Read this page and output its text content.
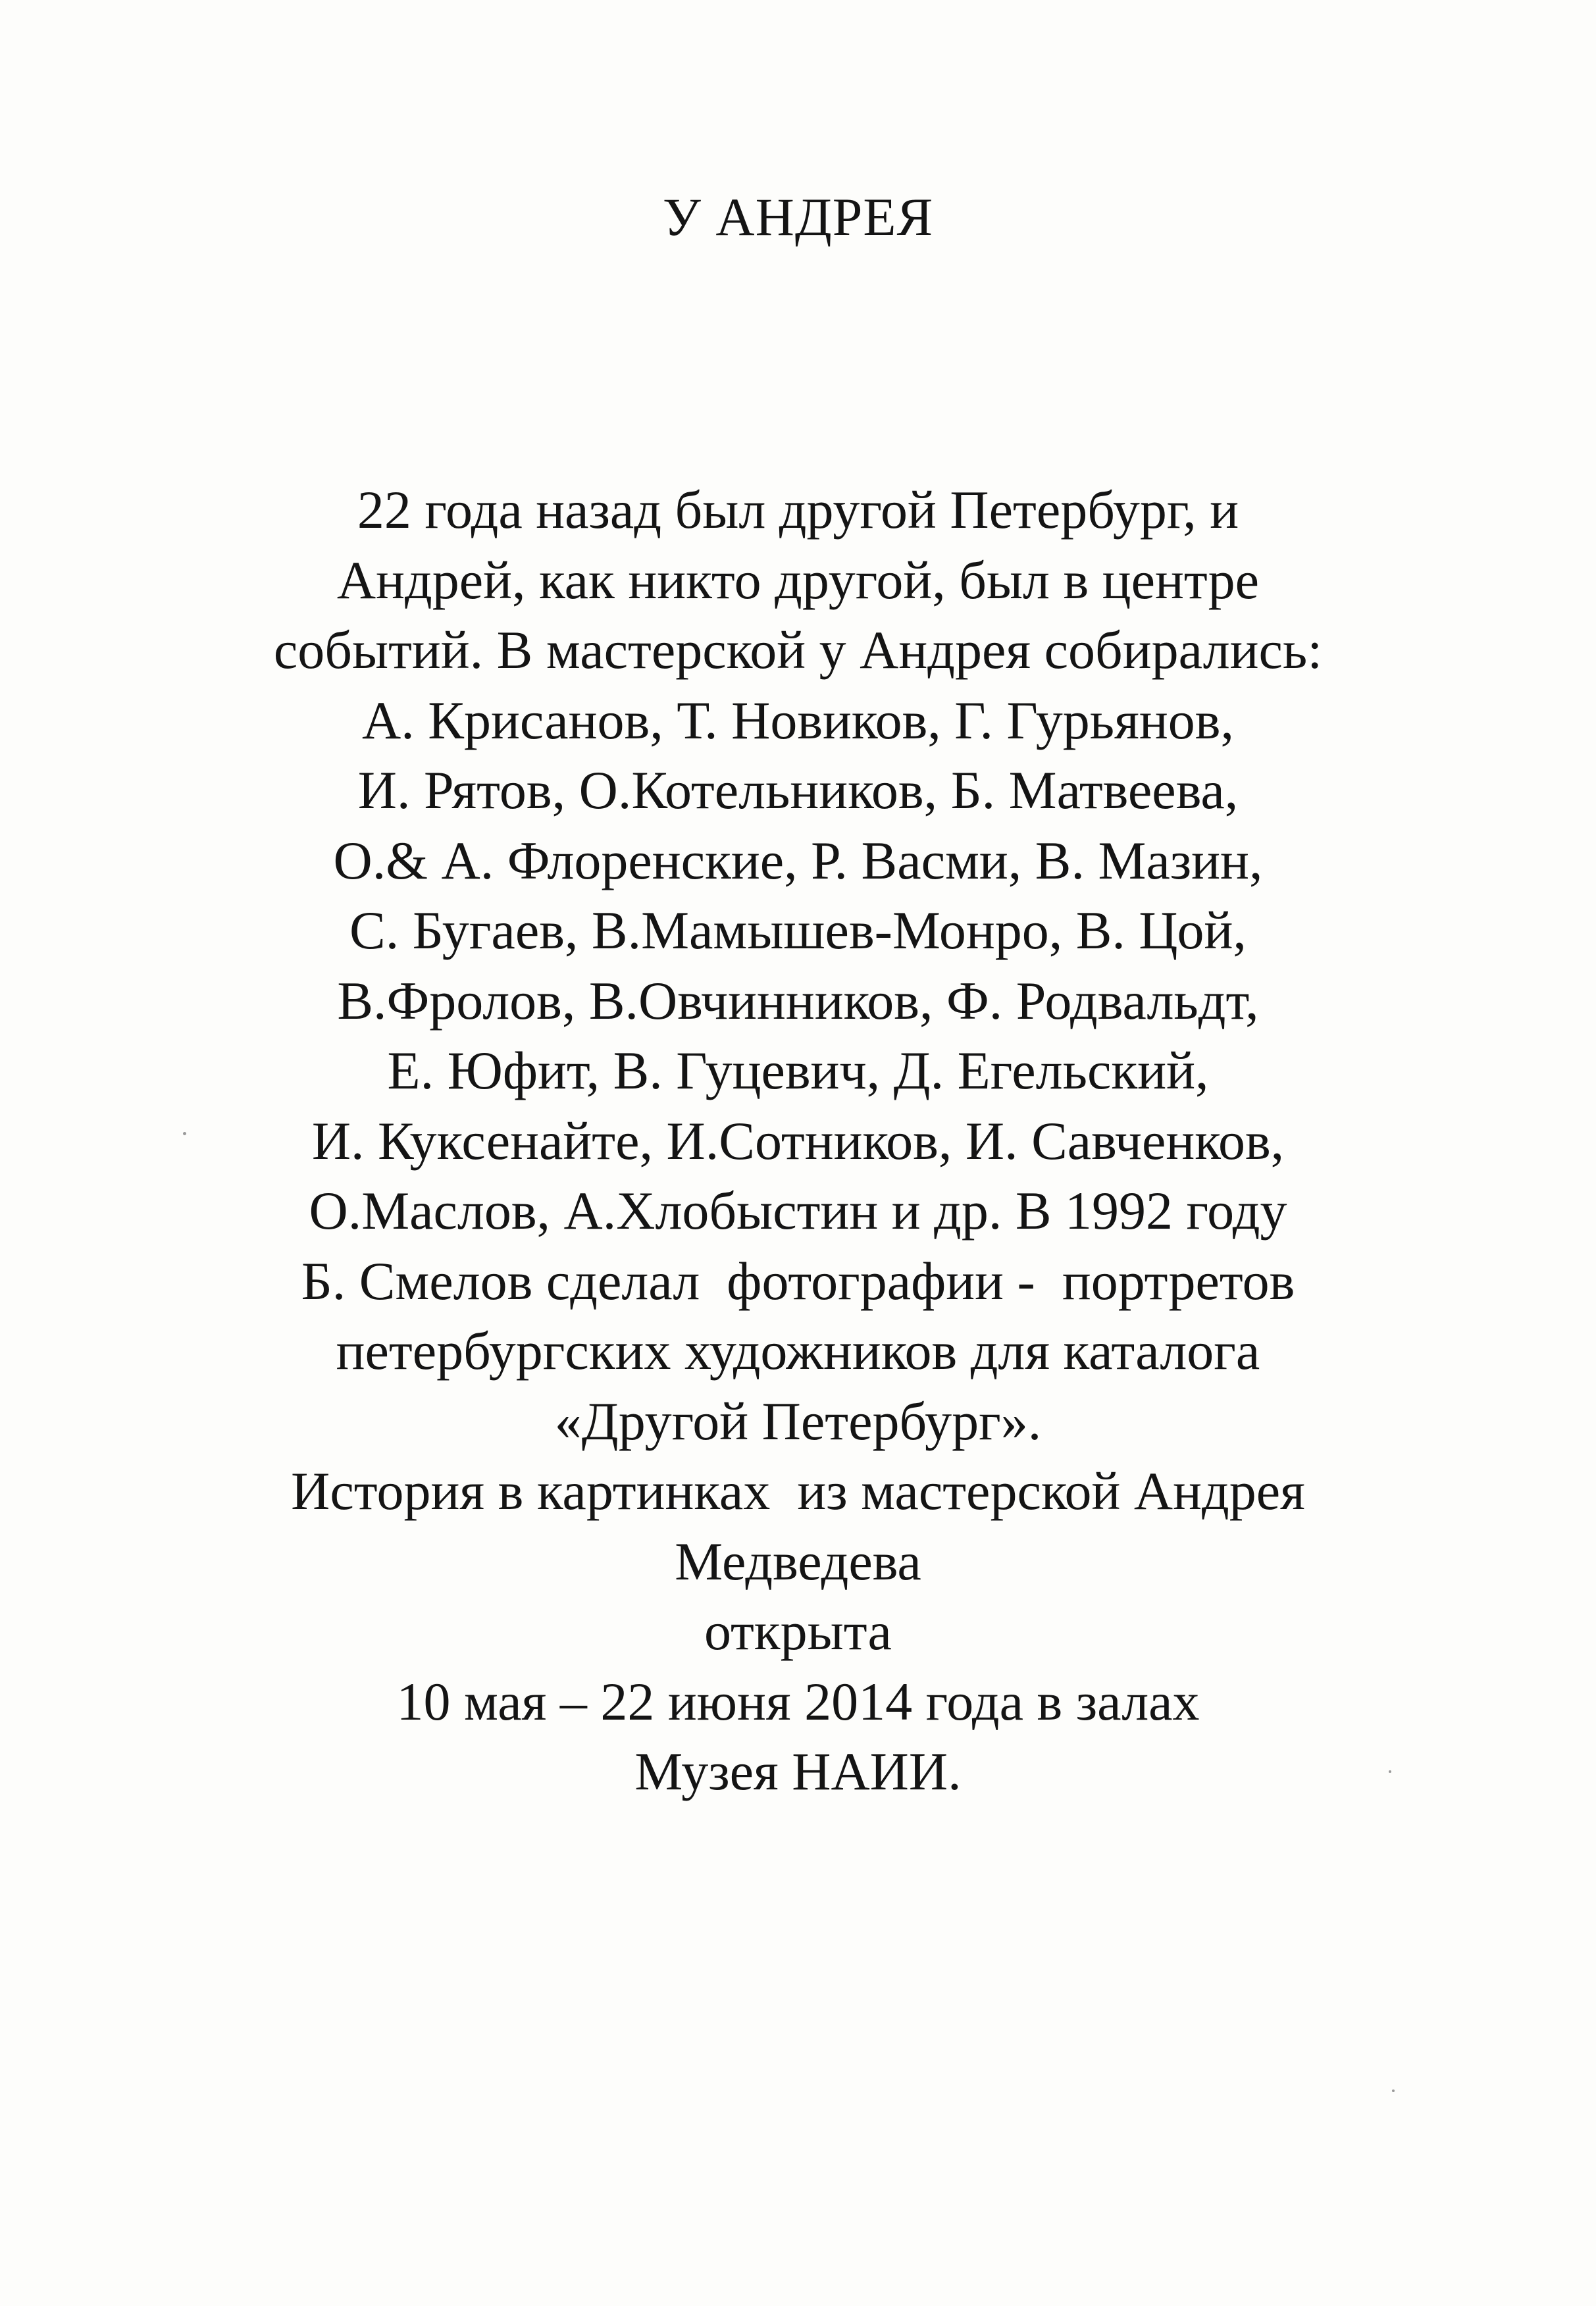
У АНДРЕЯ
22 года назад был другой Петербург, и
Андрей, как никто другой, был в центре
событий. В мастерской у Андрея собирались:
А. Крисанов, Т. Новиков, Г. Гурьянов,
И. Рятов, О.Котельников, Б. Матвеева,
О.& А. Флоренские, Р. Васми, В. Мазин,
С. Бугаев, В.Мамышев-Монро, В. Цой,
В.Фролов, В.Овчинников, Ф. Родвальдт,
Е. Юфит, В. Гуцевич, Д. Егельский,
И. Куксенайте, И.Сотников, И. Савченков,
О.Маслов, А.Хлобыстин и др. В 1992 году
Б. Смелов сделал  фотографии -  портретов
петербургских художников для каталога
«Другой Петербург».
История в картинках  из мастерской Андрея
Медведева
открыта
10 мая – 22 июня 2014 года в залах
Музея НАИИ.
